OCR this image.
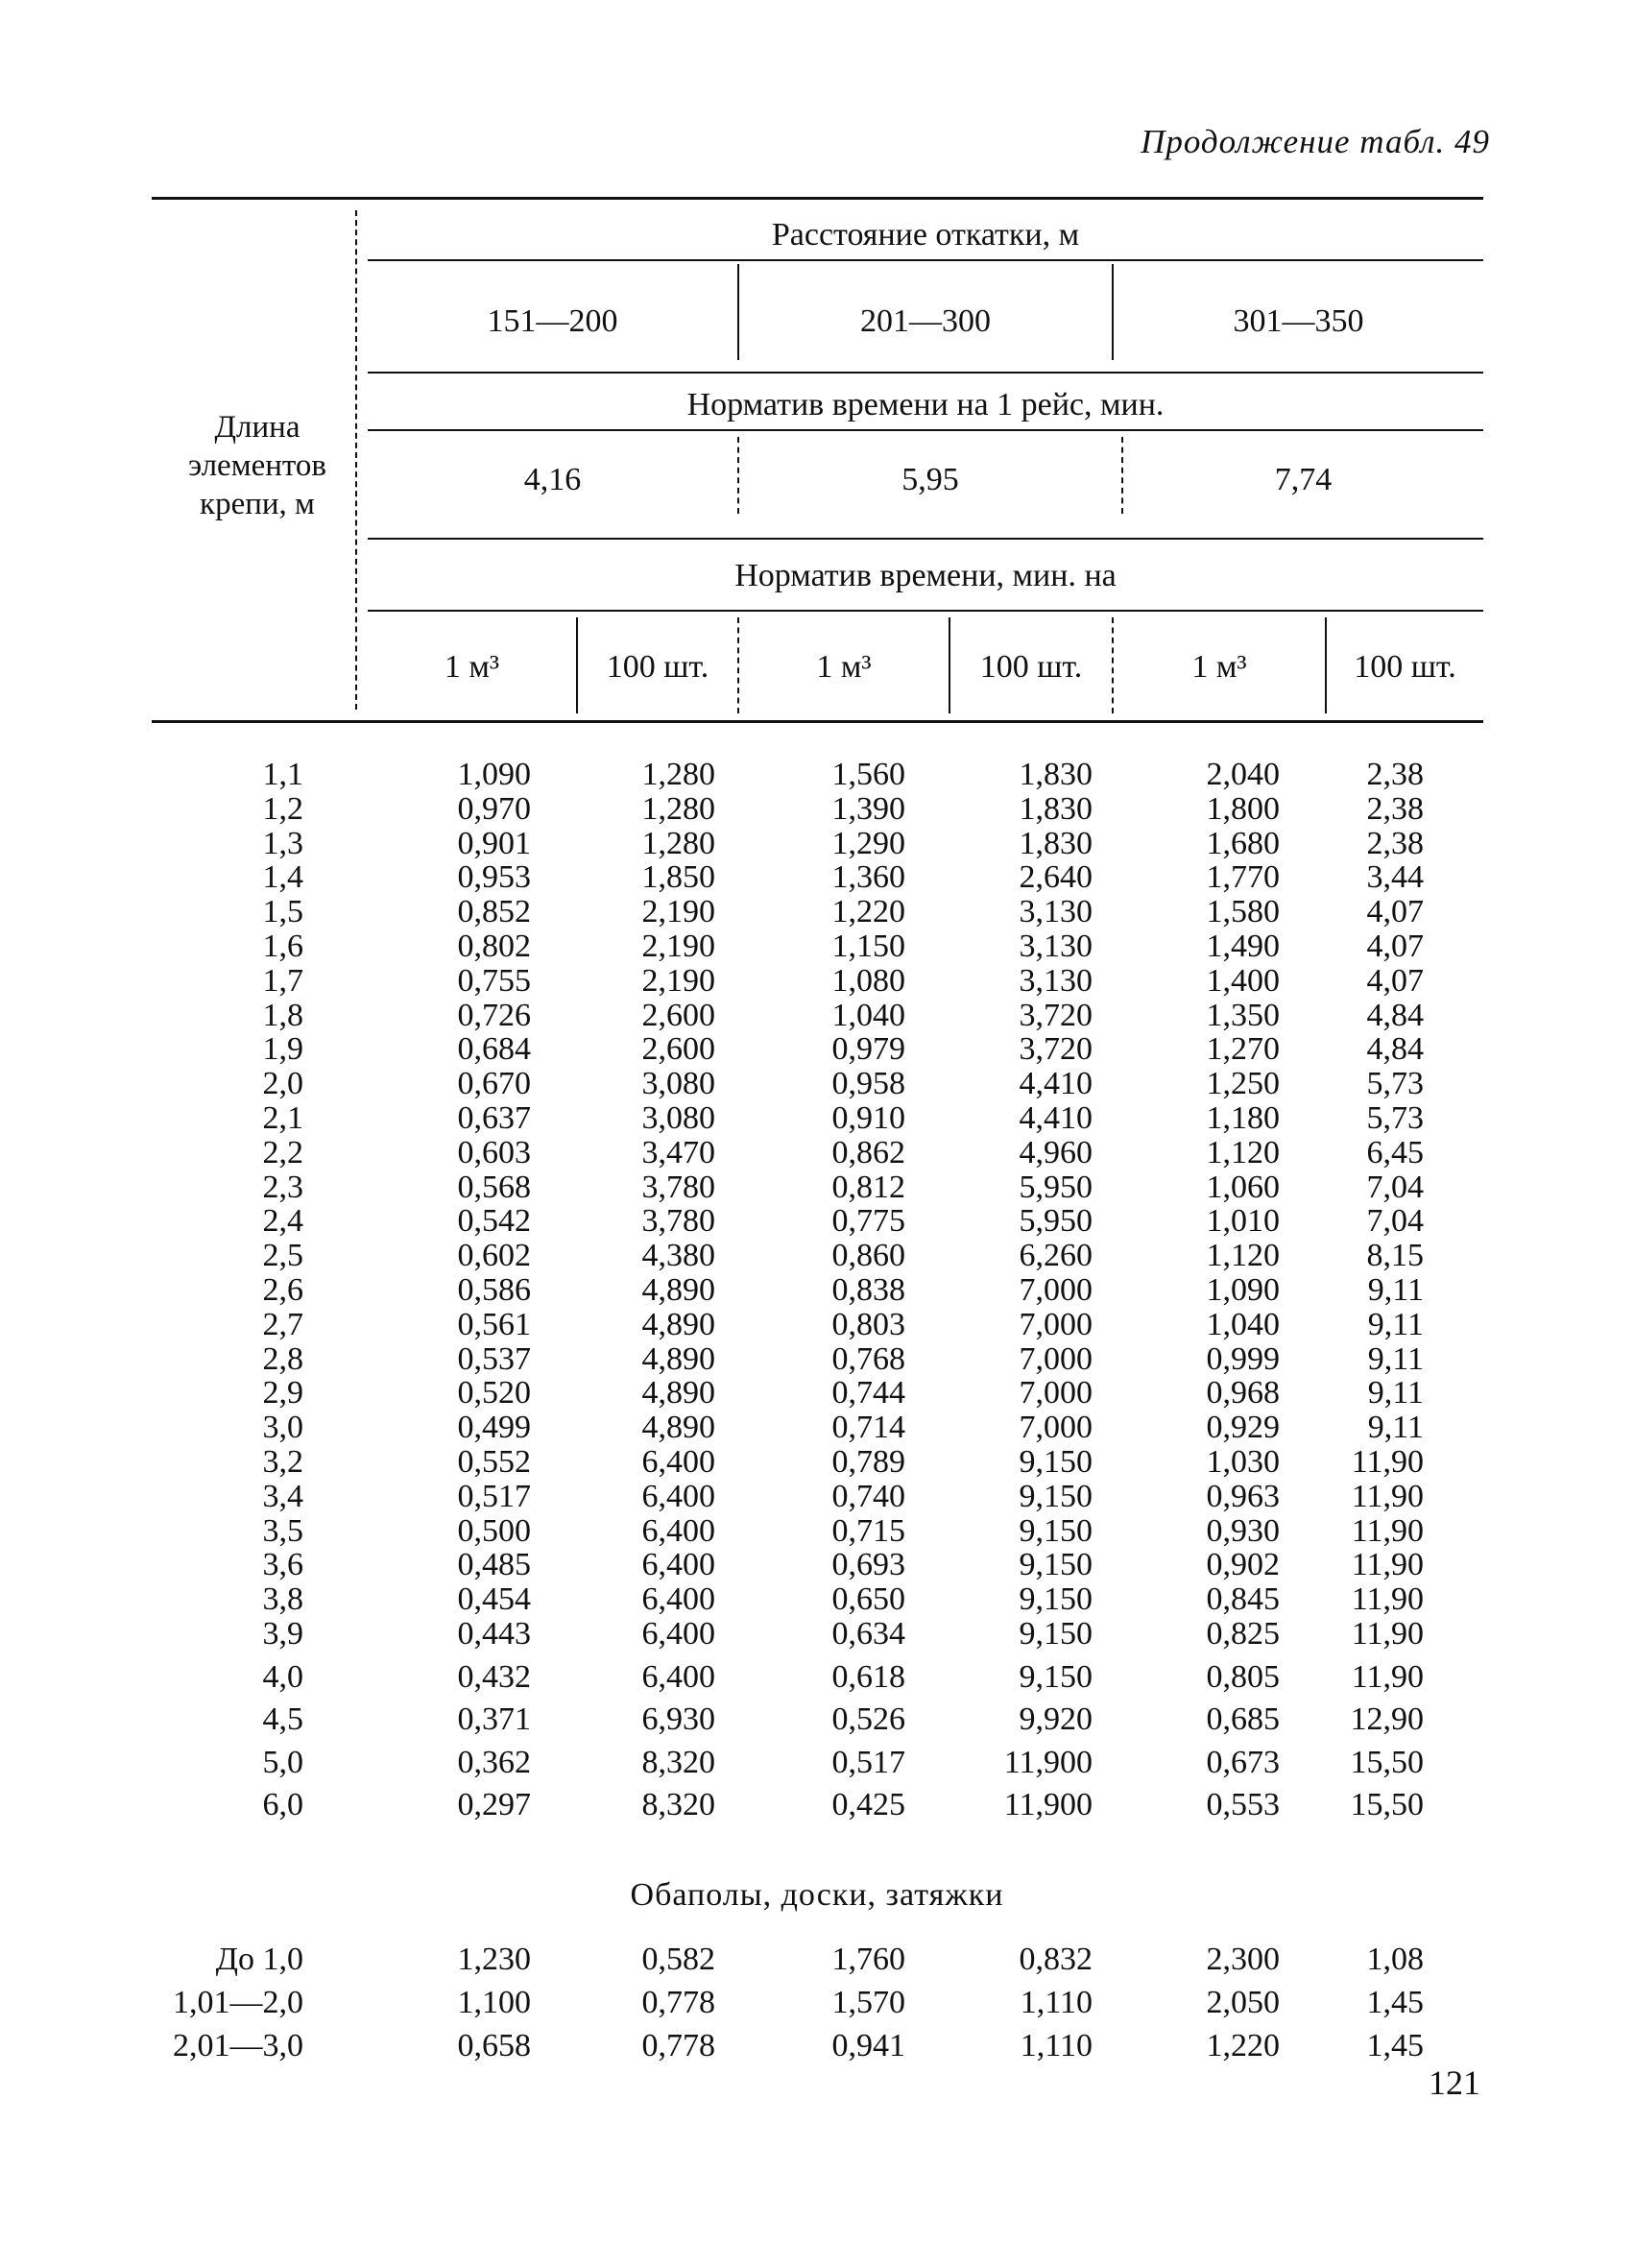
Продолжение табл. 49
Длина
элементов
крепи, м
Расстояние откатки, м
151—200	201—300	301—350
Норматив времени на 1 рейс, мин.
4,16	5,95	7,74
Норматив времени, мин. на
1 м³	100 шт.	1 м³	100 шт.	1 м³	100 шт.
1,1	1,090	1,280	1,560	1,830	2,040	2,38
1,2	0,970	1,280	1,390	1,830	1,800	2,38
1,3	0,901	1,280	1,290	1,830	1,680	2,38
1,4	0,953	1,850	1,360	2,640	1,770	3,44
1,5	0,852	2,190	1,220	3,130	1,580	4,07
1,6	0,802	2,190	1,150	3,130	1,490	4,07
1,7	0,755	2,190	1,080	3,130	1,400	4,07
1,8	0,726	2,600	1,040	3,720	1,350	4,84
1,9	0,684	2,600	0,979	3,720	1,270	4,84
2,0	0,670	3,080	0,958	4,410	1,250	5,73
2,1	0,637	3,080	0,910	4,410	1,180	5,73
2,2	0,603	3,470	0,862	4,960	1,120	6,45
2,3	0,568	3,780	0,812	5,950	1,060	7,04
2,4	0,542	3,780	0,775	5,950	1,010	7,04
2,5	0,602	4,380	0,860	6,260	1,120	8,15
2,6	0,586	4,890	0,838	7,000	1,090	9,11
2,7	0,561	4,890	0,803	7,000	1,040	9,11
2,8	0,537	4,890	0,768	7,000	0,999	9,11
2,9	0,520	4,890	0,744	7,000	0,968	9,11
3,0	0,499	4,890	0,714	7,000	0,929	9,11
3,2	0,552	6,400	0,789	9,150	1,030	11,90
3,4	0,517	6,400	0,740	9,150	0,963	11,90
3,5	0,500	6,400	0,715	9,150	0,930	11,90
3,6	0,485	6,400	0,693	9,150	0,902	11,90
3,8	0,454	6,400	0,650	9,150	0,845	11,90
3,9	0,443	6,400	0,634	9,150	0,825	11,90
4,0	0,432	6,400	0,618	9,150	0,805	11,90
4,5	0,371	6,930	0,526	9,920	0,685	12,90
5,0	0,362	8,320	0,517	11,900	0,673	15,50
6,0	0,297	8,320	0,425	11,900	0,553	15,50
Обаполы, доски, затяжки
До 1,0	1,230	0,582	1,760	0,832	2,300	1,08
1,01—2,0	1,100	0,778	1,570	1,110	2,050	1,45
2,01—3,0	0,658	0,778	0,941	1,110	1,220	1,45
121
